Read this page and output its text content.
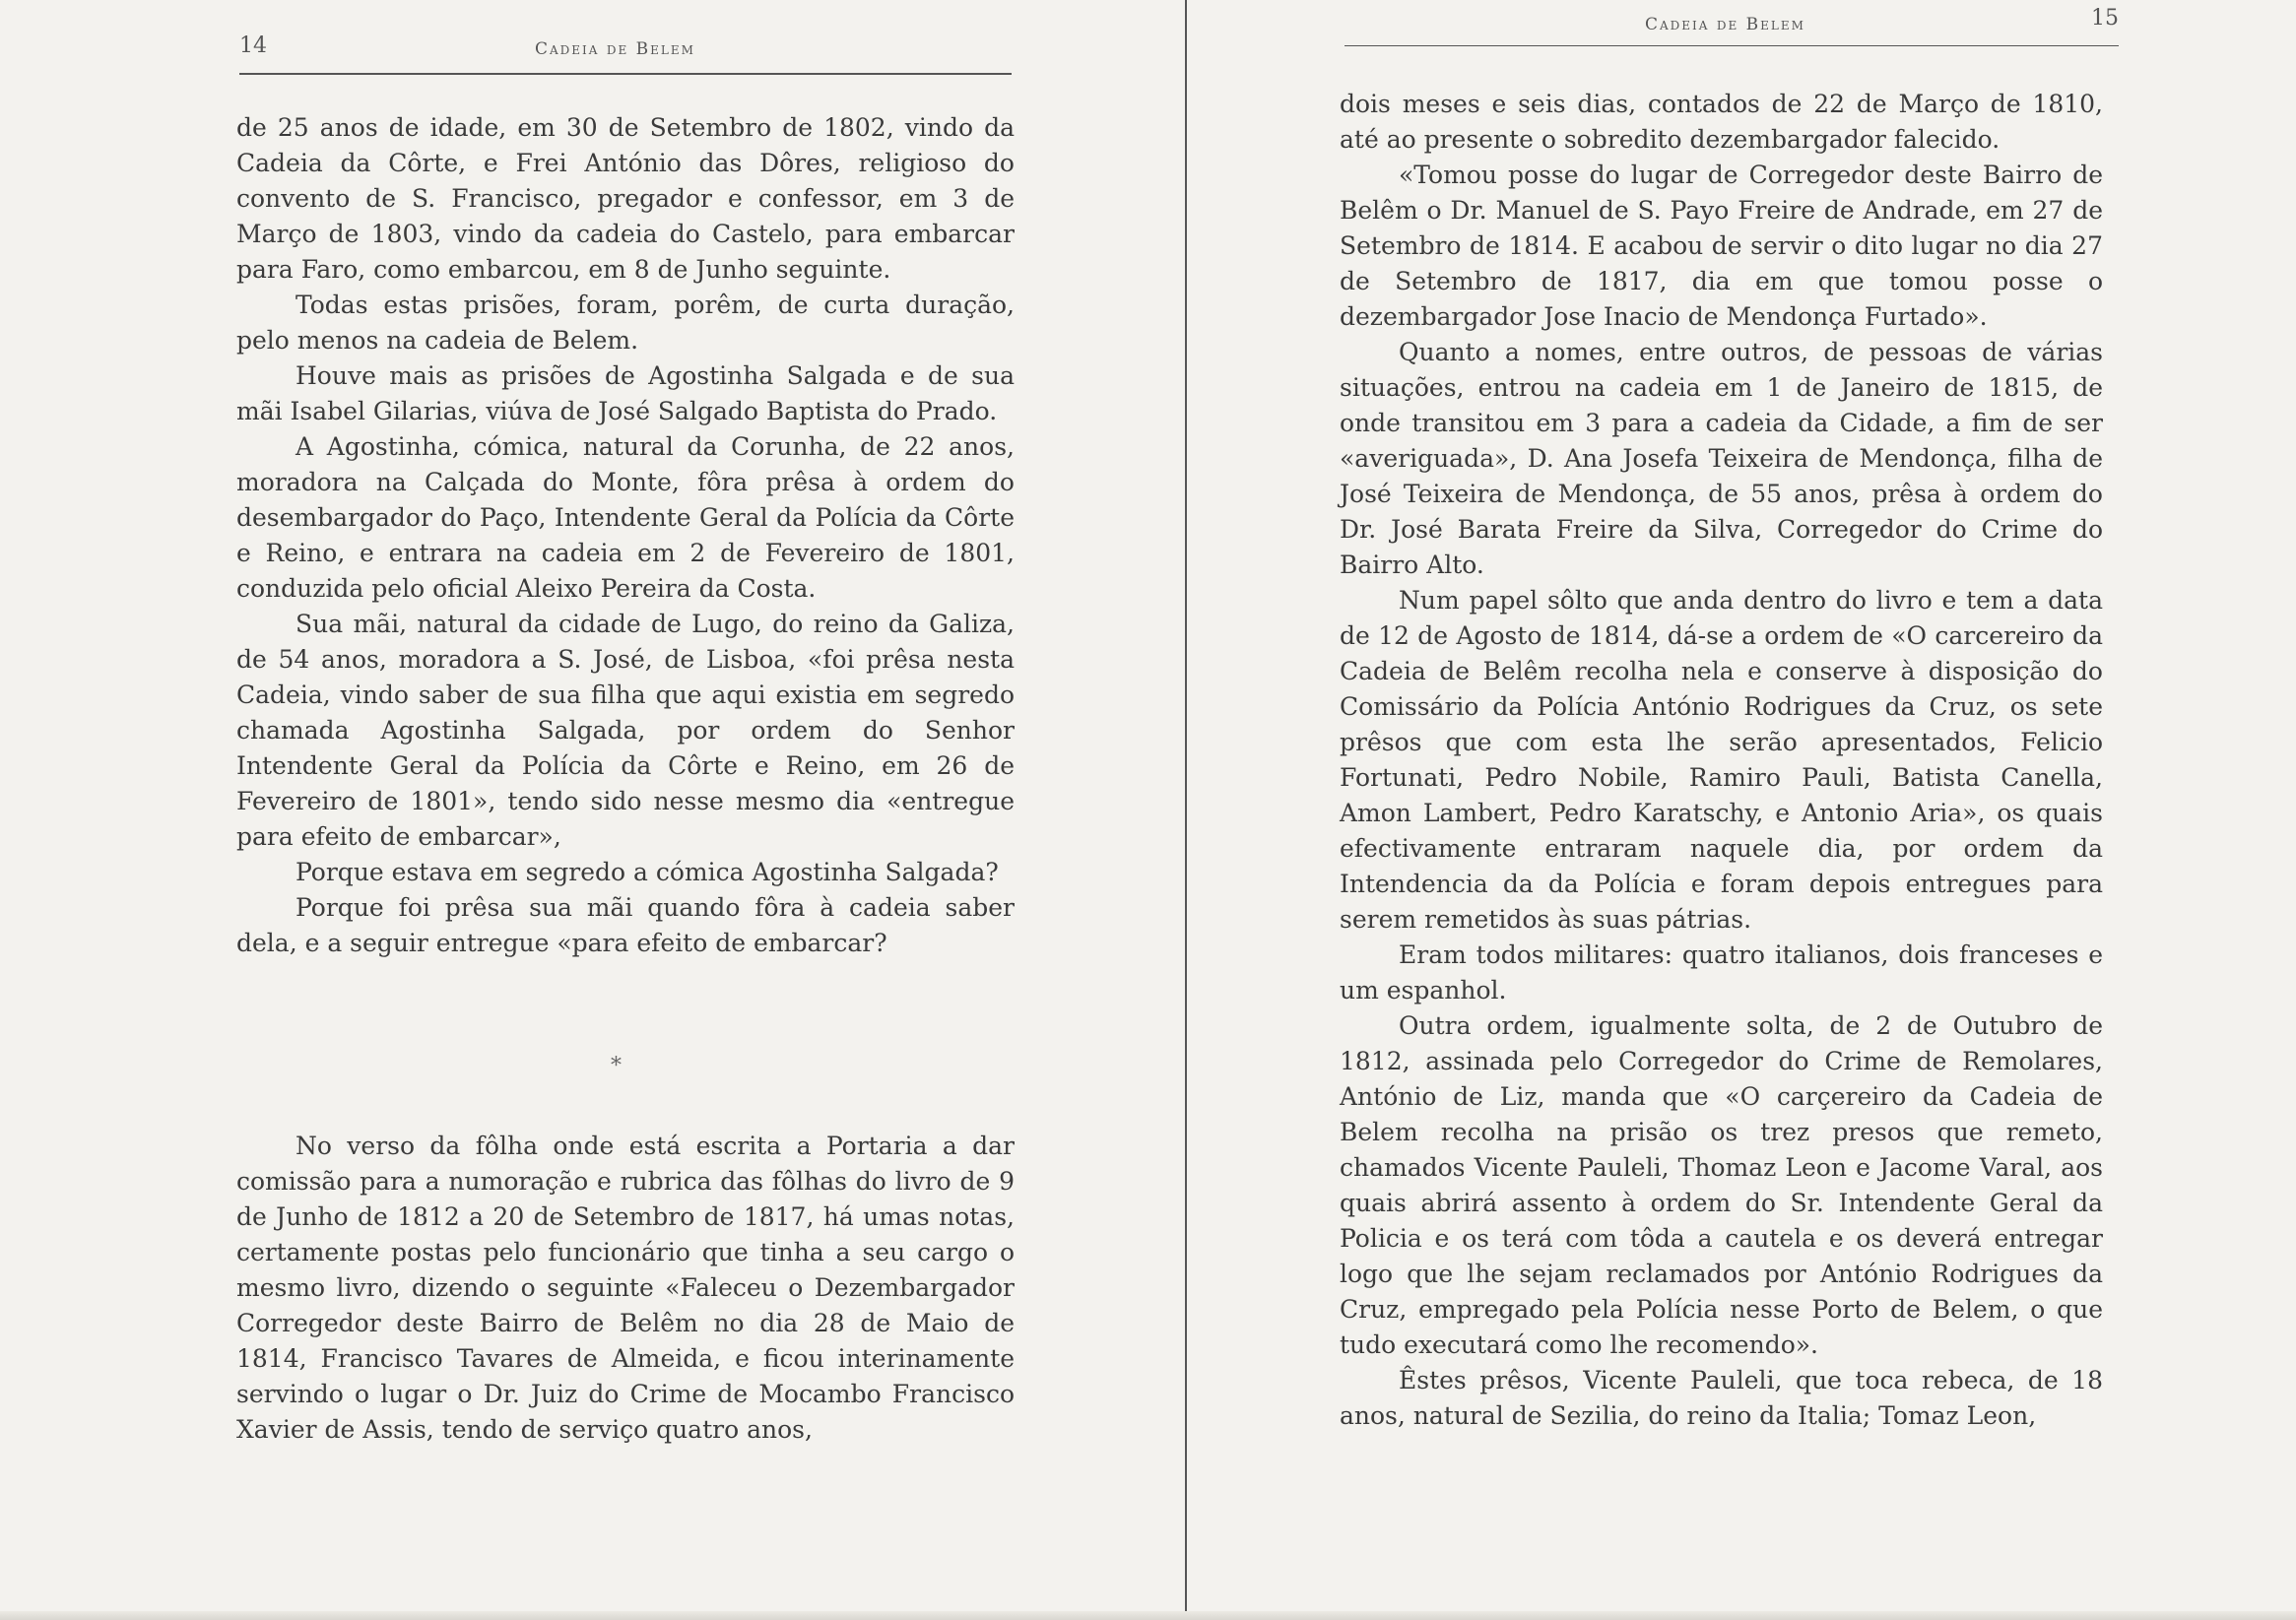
14	Cadeia de Belem

de 25 anos de idade, em 30 de Setembro de 1802, vindo da Cadeia da Côrte, e Frei António das Dôres, religioso do convento de S. Francisco, pregador e confessor, em 3 de Março de 1803, vindo da cadeia do Castelo, para embarcar para Faro, como embarcou, em 8 de Junho seguinte.

Todas estas prisões, foram, porêm, de curta duração, pelo menos na cadeia de Belem.

Houve mais as prisões de Agostinha Salgada e de sua mãi Isabel Gilarias, viúva de José Salgado Baptista do Prado.

A Agostinha, cómica, natural da Corunha, de 22 anos, moradora na Calçada do Monte, fôra prêsa à ordem do desembargador do Paço, Intendente Geral da Polícia da Côrte e Reino, e entrara na cadeia em 2 de Fevereiro de 1801, conduzida pelo oficial Aleixo Pereira da Costa.

Sua mãi, natural da cidade de Lugo, do reino da Galiza, de 54 anos, moradora a S. José, de Lisboa, «foi prêsa nesta Cadeia, vindo saber de sua filha que aqui existia em segredo chamada Agostinha Salgada, por ordem do Senhor Intendente Geral da Polícia da Côrte e Reino, em 26 de Fevereiro de 1801», tendo sido nesse mesmo dia «entregue para efeito de embarcar»,

Porque estava em segredo a cómica Agostinha Salgada?

Porque foi prêsa sua mãi quando fôra à cadeia saber dela, e a seguir entregue «para efeito de embarcar?

*

No verso da fôlha onde está escrita a Portaria a dar comissão para a numoração e rubrica das fôlhas do livro de 9 de Junho de 1812 a 20 de Setembro de 1817, há umas notas, certamente postas pelo funcionário que tinha a seu cargo o mesmo livro, dizendo o seguinte «Faleceu o Dezembargador Corregedor deste Bairro de Belêm no dia 28 de Maio de 1814, Francisco Tavares de Almeida, e ficou interinamente servindo o lugar o Dr. Juiz do Crime de Mocambo Francisco Xavier de Assis, tendo de serviço quatro anos,

Cadeia de Belem	15

dois meses e seis dias, contados de 22 de Março de 1810, até ao presente o sobredito dezembargador falecido.

«Tomou posse do lugar de Corregedor deste Bairro de Belêm o Dr. Manuel de S. Payo Freire de Andrade, em 27 de Setembro de 1814. E acabou de servir o dito lugar no dia 27 de Setembro de 1817, dia em que tomou posse o dezembargador Jose Inacio de Mendonça Furtado».

Quanto a nomes, entre outros, de pessoas de várias situações, entrou na cadeia em 1 de Janeiro de 1815, de onde transitou em 3 para a cadeia da Cidade, a fim de ser «averiguada», D. Ana Josefa Teixeira de Mendonça, filha de José Teixeira de Mendonça, de 55 anos, prêsa à ordem do Dr. José Barata Freire da Silva, Corregedor do Crime do Bairro Alto.

Num papel sôlto que anda dentro do livro e tem a data de 12 de Agosto de 1814, dá-se a ordem de «O carcereiro da Cadeia de Belêm recolha nela e conserve à disposição do Comissário da Polícia António Rodrigues da Cruz, os sete prêsos que com esta lhe serão apresentados, Felicio Fortunati, Pedro Nobile, Ramiro Pauli, Batista Canella, Amon Lambert, Pedro Karatschy, e Antonio Aria», os quais efectivamente entraram naquele dia, por ordem da Intendencia da da Polícia e foram depois entregues para serem remetidos às suas pátrias.

Eram todos militares: quatro italianos, dois franceses e um espanhol.

Outra ordem, igualmente solta, de 2 de Outubro de 1812, assinada pelo Corregedor do Crime de Remolares, António de Liz, manda que «O carçereiro da Cadeia de Belem recolha na prisão os trez presos que remeto, chamados Vicente Pauleli, Thomaz Leon e Jacome Varal, aos quais abrirá assento à ordem do Sr. Intendente Geral da Policia e os terá com tôda a cautela e os deverá entregar logo que lhe sejam reclamados por António Rodrigues da Cruz, empregado pela Polícia nesse Porto de Belem, o que tudo executará como lhe recomendo».

Êstes prêsos, Vicente Pauleli, que toca rebeca, de 18 anos, natural de Sezilia, do reino da Italia; Tomaz Leon,
